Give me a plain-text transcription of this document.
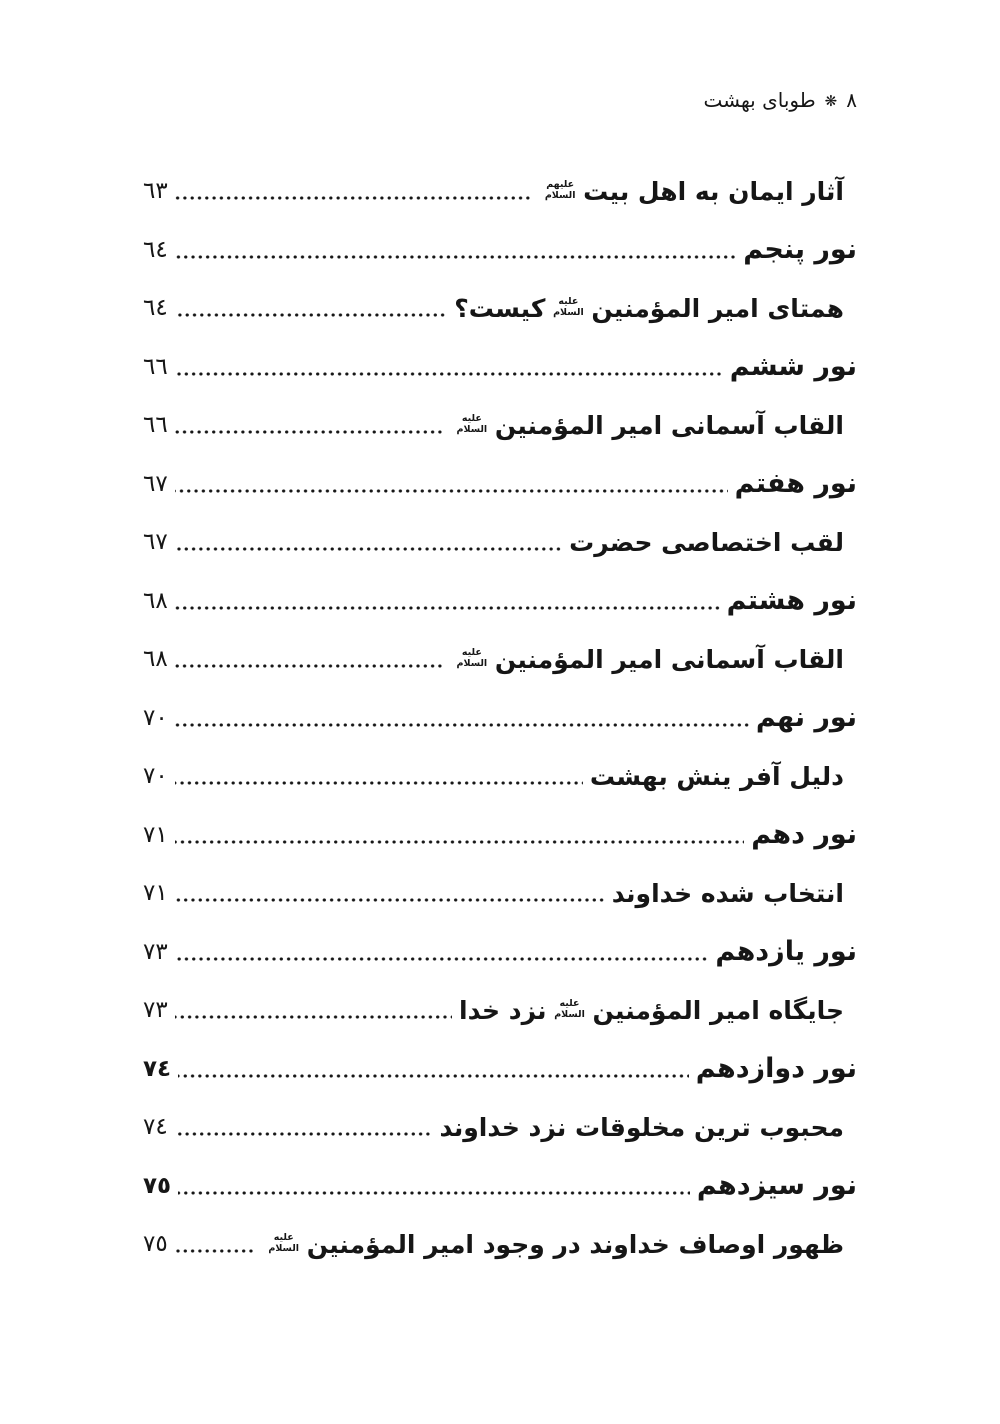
٨
❋
طوبای بهشت
آثار ایمان به اهل بیت
علیهم السلام
٦٣
نور پنجم
٦٤
همتای امیر المؤمنین
علیه السلام
کیست؟
٦٤
نور ششم
٦٦
القاب آسمانی امیر المؤمنین
علیه السلام
٦٦
نور هفتم
٦٧
لقب اختصاصی حضرت
٦٧
نور هشتم
٦٨
القاب آسمانی امیر المؤمنین
علیه السلام
٦٨
نور نهم
٧٠
دلیل آفر ینش بهشت
٧٠
نور دهم
٧١
انتخاب شده خداوند
٧١
نور یازدهم
٧٣
جایگاه امیر المؤمنین
علیه السلام
نزد خدا
٧٣
نور دوازدهم
٧٤
محبوب ترین مخلوقات نزد خداوند
٧٤
نور سیزدهم
٧٥
ظهور اوصاف خداوند در وجود امیر المؤمنین
علیه السلام
٧٥
